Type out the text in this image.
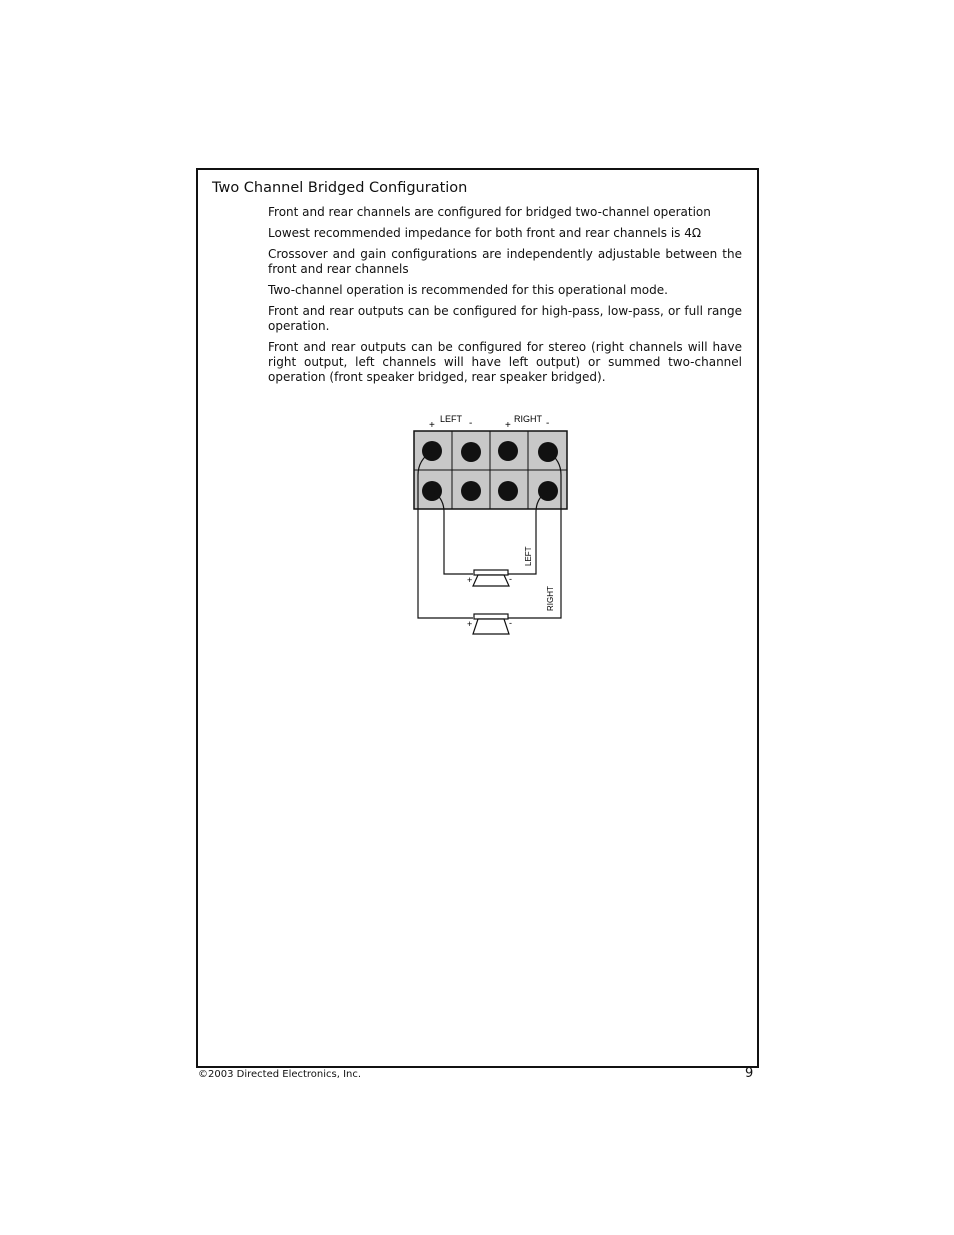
Two Channel Bridged Configuration
Front and rear channels are configured for bridged two-channel operation
Lowest recommended impedance for both front and rear channels is 4Ω
Crossover and gain configurations are independently adjustable between the front and rear channels
Two-channel operation is recommended for this operational mode.
Front and rear outputs can be configured for high-pass, low-pass, or full range operation.
Front and rear outputs can be configured for stereo (right channels will have right output, left channels will have left output) or summed two-channel operation (front speaker bridged, rear speaker bridged).
+
LEFT -	+
RIGHT -
+	-
+	-
LEFT
RIGHT
©2003 Directed Electronics, Inc.	9
